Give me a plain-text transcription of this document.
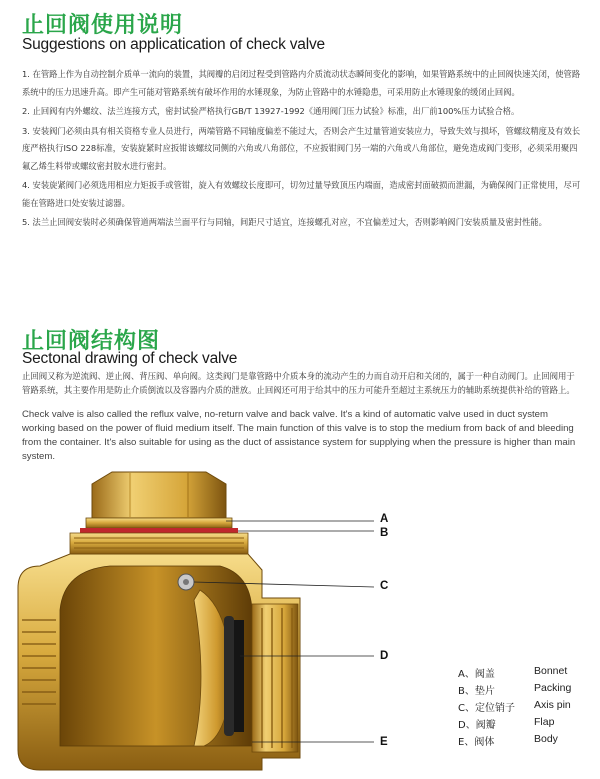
止回阀使用说明
Suggestions on applicatication of check valve

1. 在管路上作为自动控制介质单一流向的装置，其阀瓣的启闭过程受到管路内介质流动状态瞬间变化的影响，如果管路系统中的止回阀快速关闭，使管路系统中的压力迅速升高。即产生可能对管路系统有破坏作用的水锤现象，为防止管路中的水锤隐患，可采用防止水锤现象的缓闭止回阀。

2. 止回阀有内外螺纹、法兰连接方式，密封试验严格执行GB/T 13927-1992《通用阀门压力试验》标准，出厂前100%压力试验合格。

3. 安装阀门必须由具有相关资格专业人员进行，两端管路不同轴度偏差不能过大，否则会产生过量管道安装应力，导致失效与损坏，管螺纹精度及有效长度严格执行ISO 228标准，安装旋紧时应扳钳该螺纹同侧的六角或八角部位，不应扳钳阀门另一端的六角或八角部位，避免造成阀门变形，必须采用聚四氟乙烯生料带或螺纹密封胶水进行密封。

4. 安装旋紧阀门必须选用相应力矩扳手或管钳，旋入有效螺纹长度即可，切勿过量导致顶压内端面，造成密封面破损而泄漏，为确保阀门正常使用，尽可能在管路进口处安装过滤器。

5. 法兰止回阀安装时必须确保管道两端法兰面平行与同轴，间距尺寸适宜，连接螺孔对应，不宜偏差过大，否则影响阀门安装质量及密封性能。

止回阀结构图
Sectonal drawing of check valve
止回阀又称为逆流阀、逆止阀、背压阀、单向阀。这类阀门是靠管路中介质本身的流动产生的力而自动开启和关闭的，属于一种自动阀门。止回阀用于管路系统，其主要作用是防止介质倒流以及容器内介质的泄放。止回阀还可用于给其中的压力可能升至超过主系统压力的辅助系统提供补给的管路上。
Check valve is also called the reflux valve, no-return valve and back valve. It's a kind of automatic valve used in duct system working based on the power of fluid medium itself. The main function of this valve is to stop the medium from back of and bleeding from the container. It's also suitable for using as the duct of assistance system for supplying when the pressure is higher than main system.
A
B
C
D
E
A、阀盖	Bonnet
B、垫片	Packing
C、定位销子 Axis pin
D、阀瓣	Flap
E、阀体	Body
